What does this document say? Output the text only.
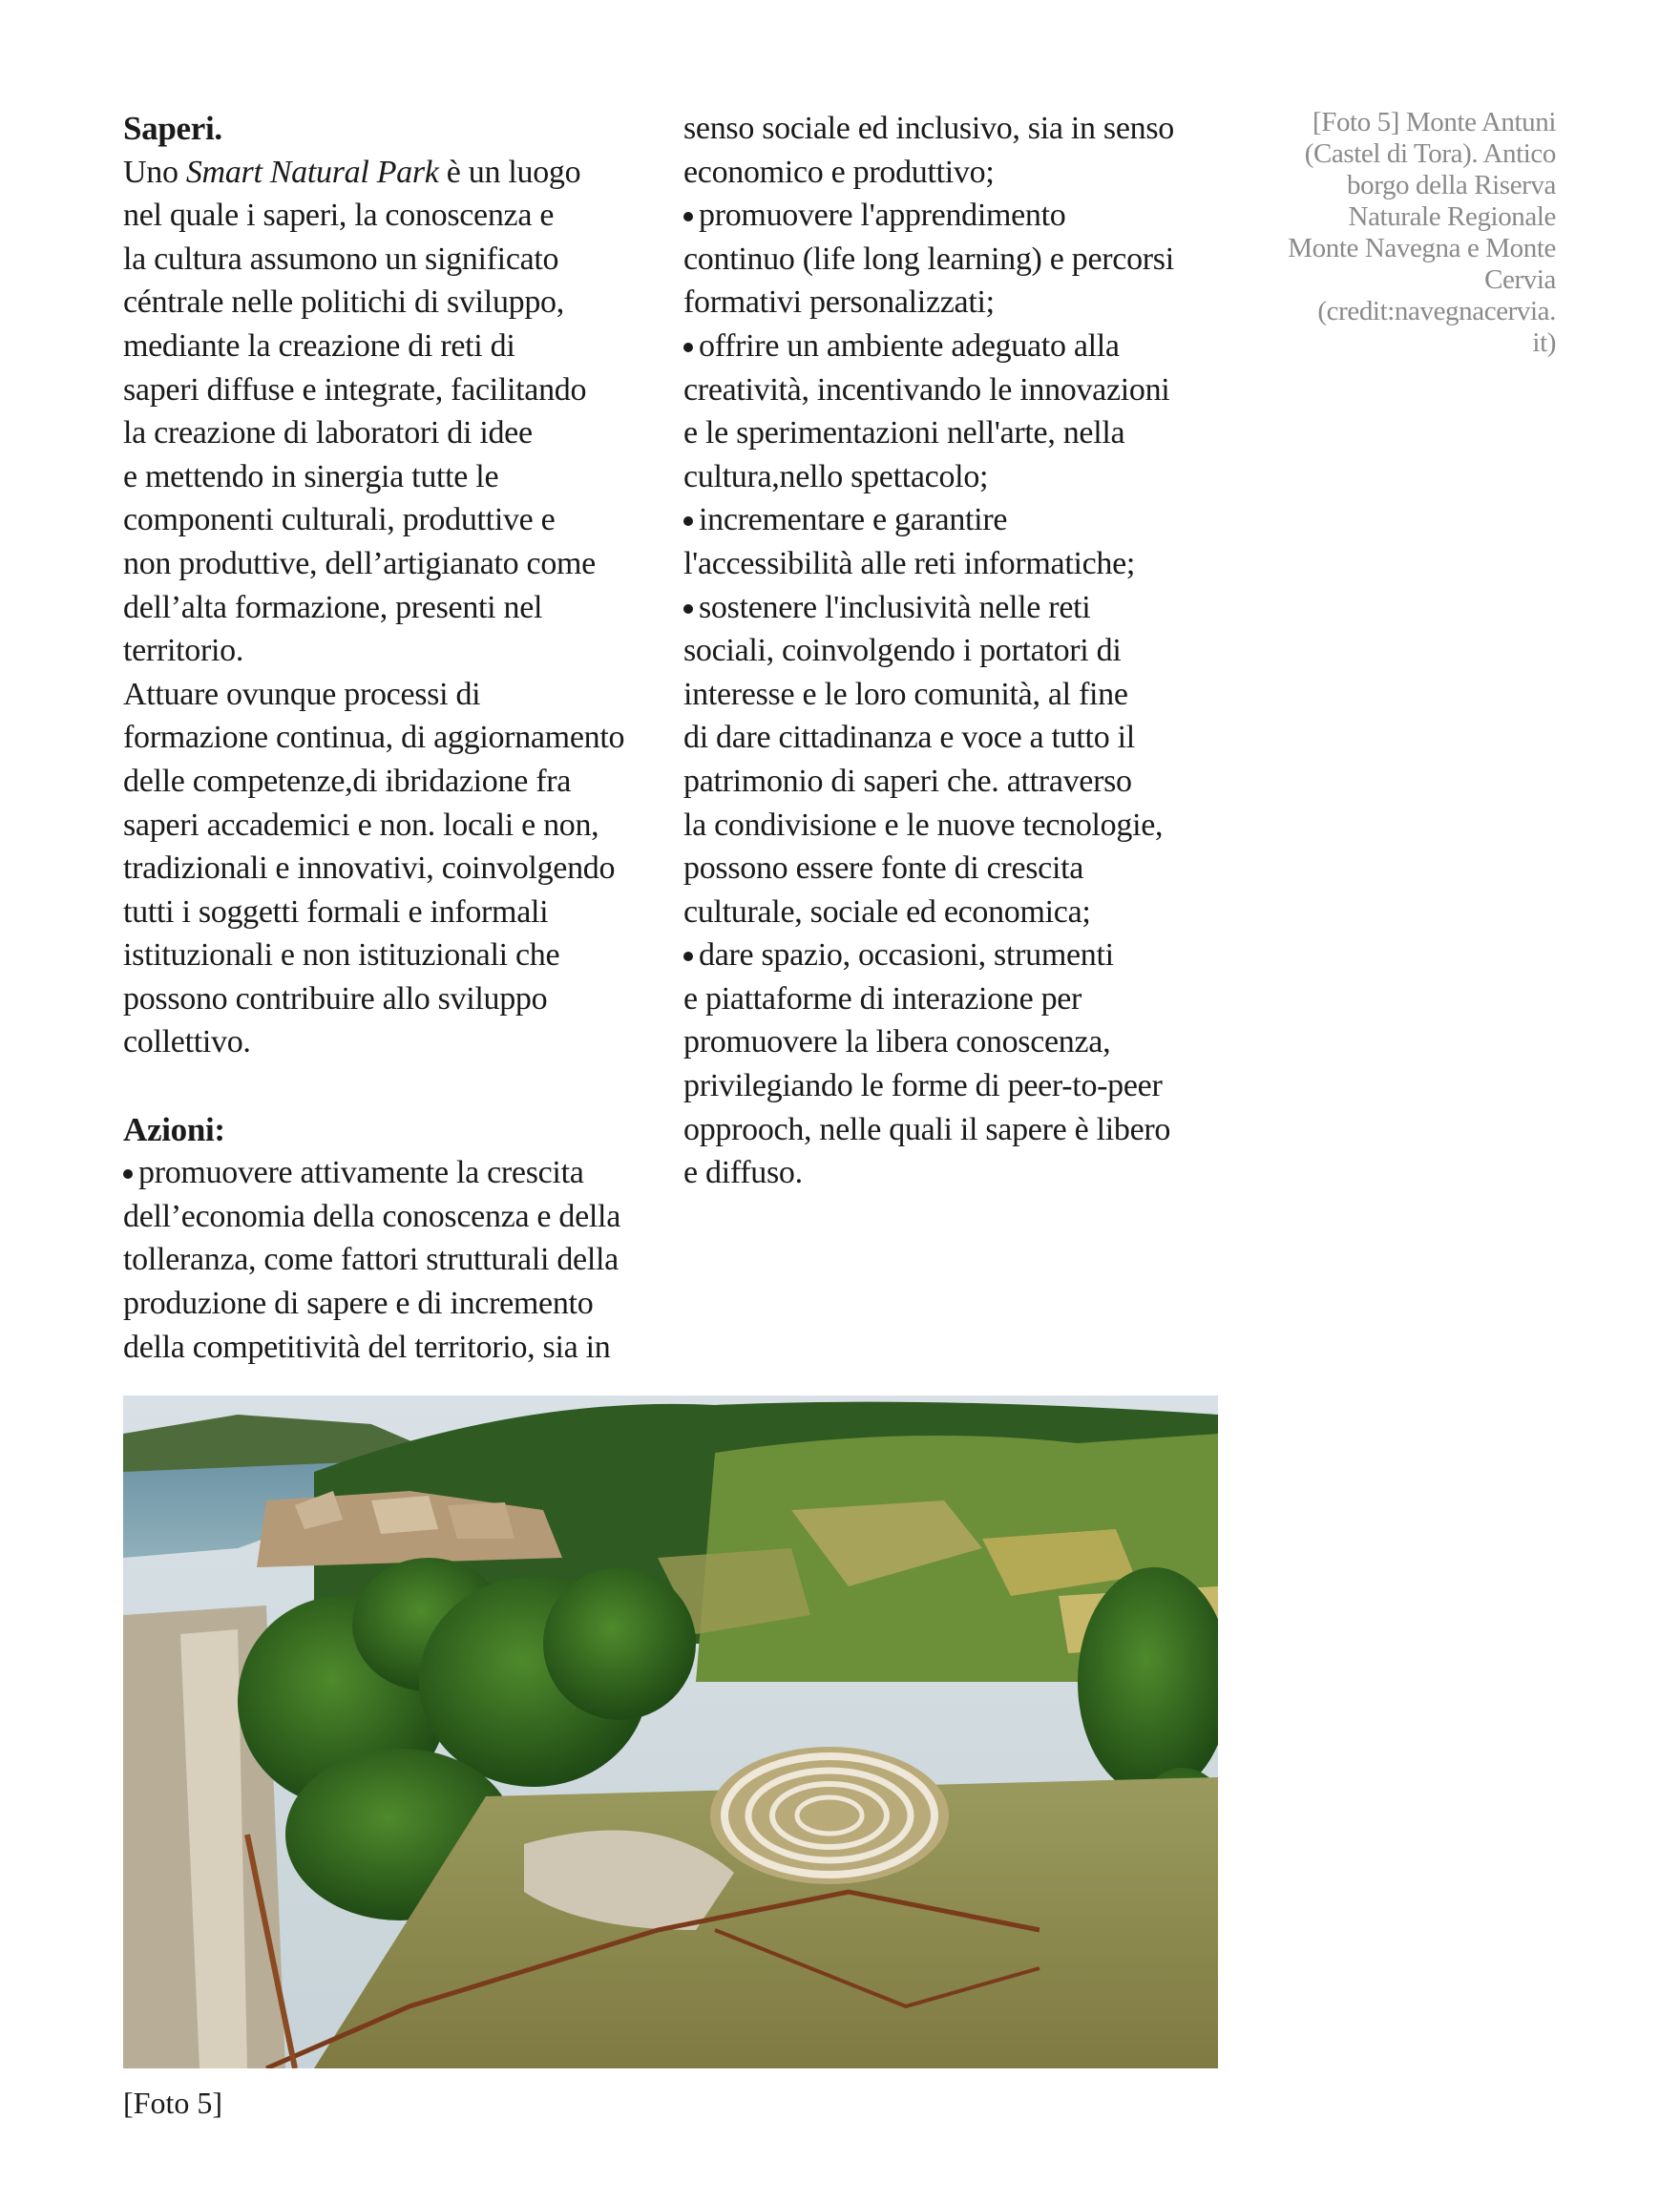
Saperi.

Uno Smart Natural Park è un luogo

nel quale i saperi, la conoscenza e

la cultura assumono un significato

céntrale nelle politichi di sviluppo,

mediante la creazione di reti di

saperi diffuse e integrate, facilitando

la creazione di laboratori di idee

e mettendo in sinergia tutte le

componenti culturali, produttive e

non produttive, dell’artigianato come

dell’alta formazione, presenti nel

territorio.

Attuare ovunque processi di

formazione continua, di aggiornamento

delle competenze,di ibridazione fra

saperi accademici e non. locali e non,

tradizionali e innovativi, coinvolgendo

tutti i soggetti formali e informali

istituzionali e non istituzionali che

possono contribuire allo sviluppo

collettivo.

Azioni:

promuovere attivamente la crescita

dell’economia della conoscenza e della

tolleranza, come fattori strutturali della

produzione di sapere e di incremento

della competitività del territorio, sia in

senso sociale ed inclusivo, sia in senso

economico e produttivo;

promuovere l'apprendimento

continuo (life long learning) e percorsi

formativi personalizzati;

offrire un ambiente adeguato alla

creatività, incentivando le innovazioni

e le sperimentazioni nell'arte, nella

cultura,nello spettacolo;

incrementare e garantire

l'accessibilità alle reti informatiche;

sostenere l'inclusività nelle reti

sociali, coinvolgendo i portatori di

interesse e le loro comunità, al fine

di dare cittadinanza e voce a tutto il

patrimonio di saperi che. attraverso

la condivisione e le nuove tecnologie,

possono essere fonte di crescita

culturale, sociale ed economica;

dare spazio, occasioni, strumenti

e piattaforme di interazione per

promuovere la libera conoscenza,

privilegiando le forme di peer-to-peer

opprooch, nelle quali il sapere è libero

e diffuso.

[Foto 5] Monte Antuni
(Castel di Tora). Antico
borgo della Riserva
Naturale Regionale
Monte Navegna e Monte
Cervia
(credit:navegnacervia.
it)
[Foto 5]
